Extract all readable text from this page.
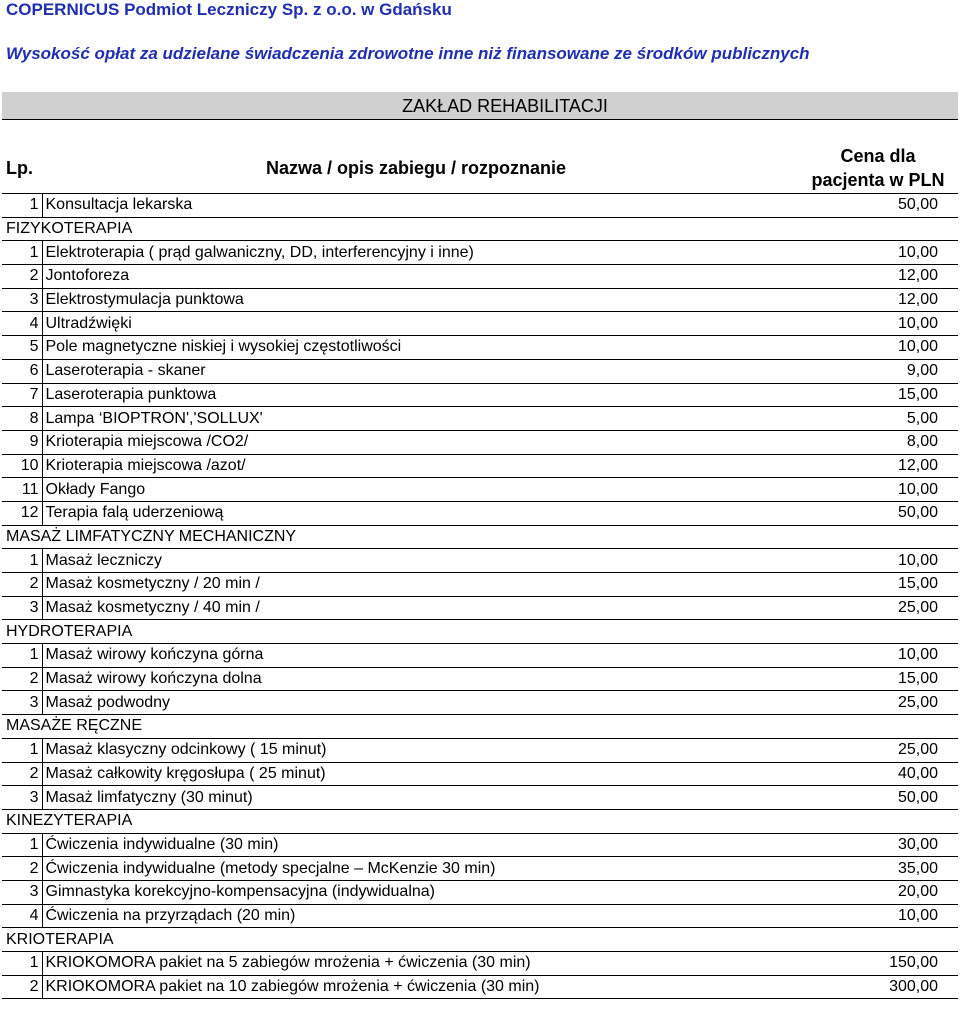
COPERNICUS Podmiot Leczniczy Sp. z o.o. w Gdańsku
Wysokość opłat za udzielane świadczenia zdrowotne inne niż finansowane ze środków publicznych
ZAKŁAD REHABILITACJI
Lp.	Nazwa / opis zabiegu / rozpoznanie	Cena dla
pacjenta w PLN

1	Konsultacja lekarska	50,00
FIZYKOTERAPIA		
1	Elektroterapia ( prąd galwaniczny, DD, interferencyjny i inne)	10,00
2	Jontoforeza	12,00
3	Elektrostymulacja punktowa	12,00
4	Ultradźwięki	10,00
5	Pole magnetyczne niskiej i wysokiej częstotliwości	10,00
6	Laseroterapia - skaner	9,00
7	Laseroterapia punktowa	15,00
8	Lampa ‘BIOPTRON','SOLLUX'	5,00
9	Krioterapia miejscowa /CO2/	8,00
10	Krioterapia miejscowa /azot/	12,00
11	Okłady Fango	10,00
12	Terapia falą uderzeniową	50,00
MASAŻ LIMFATYCZNY MECHANICZNY		
1	Masaż leczniczy	10,00
2	Masaż kosmetyczny / 20 min /	15,00
3	Masaż kosmetyczny / 40 min /	25,00
HYDROTERAPIA		
1	Masaż wirowy kończyna górna	10,00
2	Masaż wirowy kończyna dolna	15,00
3	Masaż podwodny	25,00
MASAŻE RĘCZNE		
1	Masaż klasyczny odcinkowy ( 15 minut)	25,00
2	Masaż całkowity kręgosłupa ( 25 minut)	40,00
3	Masaż limfatyczny (30 minut)	50,00
KINEZYTERAPIA		
1	Ćwiczenia indywidualne (30 min)	30,00
2	Ćwiczenia indywidualne (metody specjalne – McKenzie 30 min)	35,00
3	Gimnastyka korekcyjno-kompensacyjna (indywidualna)	20,00
4	Ćwiczenia na przyrządach (20 min)	10,00
KRIOTERAPIA		
1	KRIOKOMORA pakiet na 5 zabiegów mrożenia + ćwiczenia (30 min)	150,00
2	KRIOKOMORA pakiet na 10 zabiegów mrożenia + ćwiczenia (30 min)	300,00
